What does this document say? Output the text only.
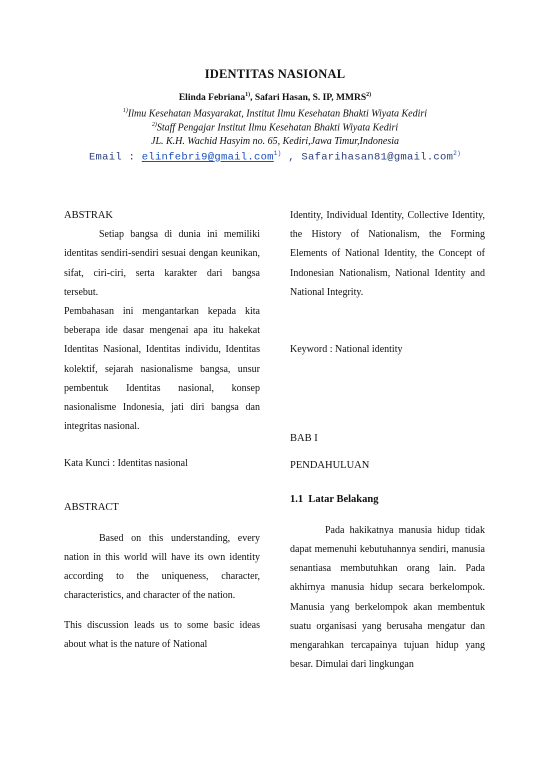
IDENTITAS NASIONAL
Elinda Febriana$^{1)}$, Safari Hasan, S. IP, MMRS$^{2)}$
$^{1)}$Ilmu Kesehatan Masyarakat, Institut Ilmu Kesehatan Bhakti Wiyata Kediri
$^{2)}$Staff Pengajar Institut Ilmu Kesehatan Bhakti Wiyata Kediri
JL. K.H. Wachid Hasyim no. 65, Kediri,Jawa Timur,Indonesia
Email : elinfebri9@gmail.com$^{1)}$ , Safarihasan81@gmail.com$^{2)}$

ABSTRAK

Setiap bangsa di dunia ini memiliki identitas sendiri-sendiri sesuai dengan keunikan, sifat, ciri-ciri, serta karakter dari bangsa tersebut.

Pembahasan ini mengantarkan kepada kita beberapa ide dasar mengenai apa itu hakekat Identitas Nasional, Identitas individu, Identitas kolektif, sejarah nasionalisme bangsa, unsur pembentuk Identitas nasional, konsep nasionalisme Indonesia, jati diri bangsa dan integritas nasional.

Kata Kunci : Identitas nasional

ABSTRACT

Based on this understanding, every nation in this world will have its own identity according to the uniqueness, character, characteristics, and character of the nation.

This discussion leads us to some basic ideas about what is the nature of National

Identity, Individual Identity, Collective Identity, the History of Nationalism, the Forming Elements of National Identity, the Concept of Indonesian Nationalism, National Identity and National Integrity.

Keyword : National identity

BAB I

PENDAHULUAN

1.1 Latar Belakang

Pada hakikatnya manusia hidup tidak dapat memenuhi kebutuhannya sendiri, manusia senantiasa membutuhkan orang lain. Pada akhirnya manusia hidup secara berkelompok. Manusia yang berkelompok akan membentuk suatu organisasi yang berusaha mengatur dan mengarahkan tercapainya tujuan hidup yang besar. Dimulai dari lingkungan
